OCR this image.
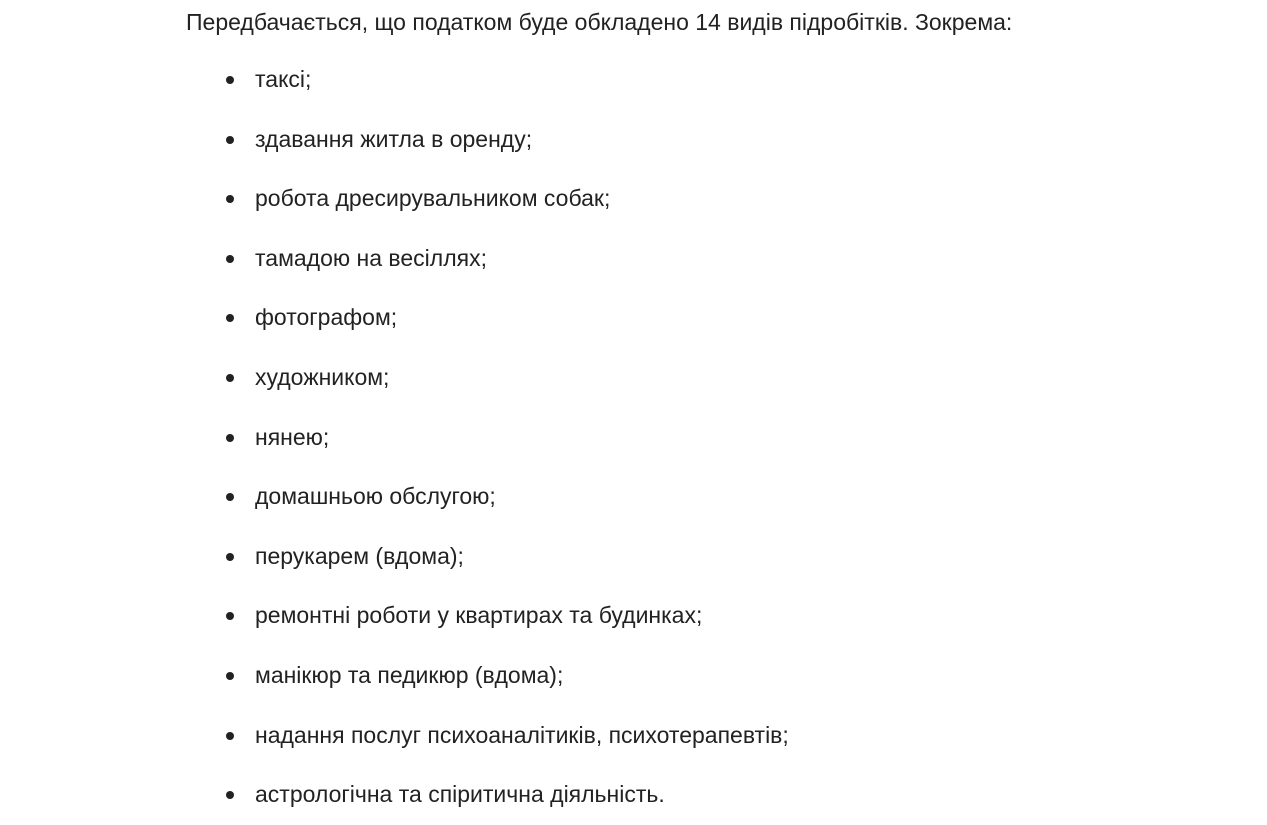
Передбачається, що податком буде обкладено 14 видів підробітків. Зокрема:

таксі;
здавання житла в оренду;
робота дресирувальником собак;
тамадою на весіллях;
фотографом;
художником;
нянею;
домашньою обслугою;
перукарем (вдома);
ремонтні роботи у квартирах та будинках;
манікюр та педикюр (вдома);
надання послуг психоаналітиків, психотерапевтів;
астрологічна та спіритична діяльність.
